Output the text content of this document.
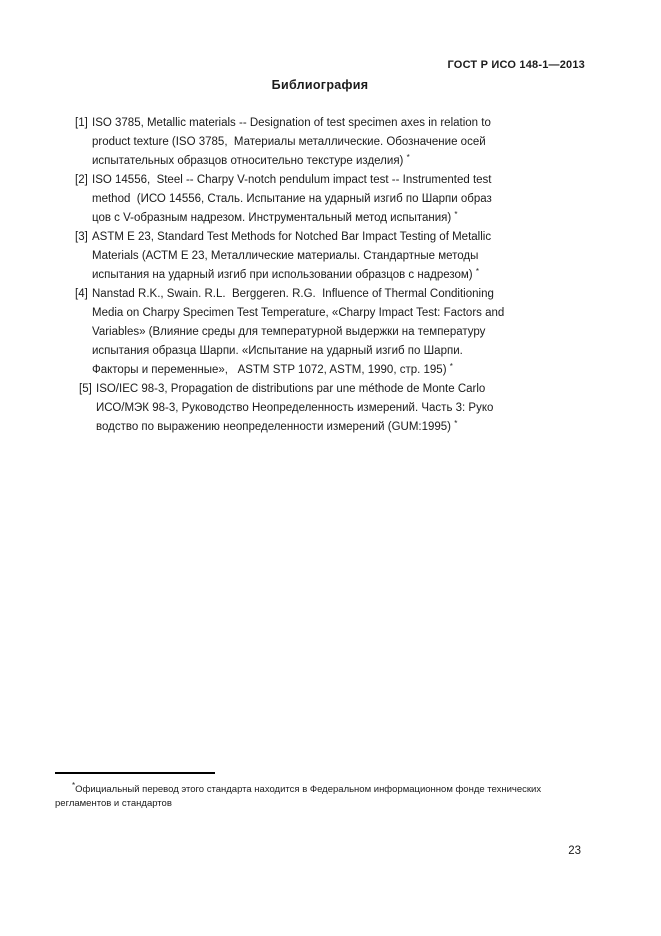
ГОСТ Р ИСО 148-1—2013
Библиография
[1] ISO 3785, Metallic materials -- Designation of test specimen axes in relation to
product texture (ISO 3785,  Материалы металлические. Обозначение осей
испытательных образцов относительно текстуре изделия) *
[2] ISO 14556,  Steel -- Charpy V-notch pendulum impact test -- Instrumented test
method  (ИСО 14556, Сталь. Испытание на ударный изгиб по Шарпи образ
цов с V-образным надрезом. Инструментальный метод испытания) *
[3] ASTM E 23, Standard Test Methods for Notched Bar Impact Testing of Metallic
Materials (АСТМ Е 23, Металлические материалы. Стандартные методы
испытания на ударный изгиб при использовании образцов с надрезом) *
[4] Nanstad R.K., Swain. R.L.  Berggeren. R.G.  Influence of Thermal Conditioning
Media on Charpy Specimen Test Temperature, «Charpy Impact Test: Factors and
Variables» (Влияние среды для температурной выдержки на температуру
испытания образца Шарпи. «Испытание на ударный изгиб по Шарпи.
Факторы и переменные»,   ASTM STP 1072, ASTM, 1990, стр. 195) *
[5] ISO/IEC 98-3, Propagation de distributions par une méthode de Monte Carlo
ИСО/МЭК 98-3, Руководство Неопределенность измерений. Часть 3: Руко
водство по выражению неопределенности измерений (GUM:1995) *
*Официальный перевод этого стандарта находится в Федеральном информационном фонде технических
регламентов и стандартов
23
